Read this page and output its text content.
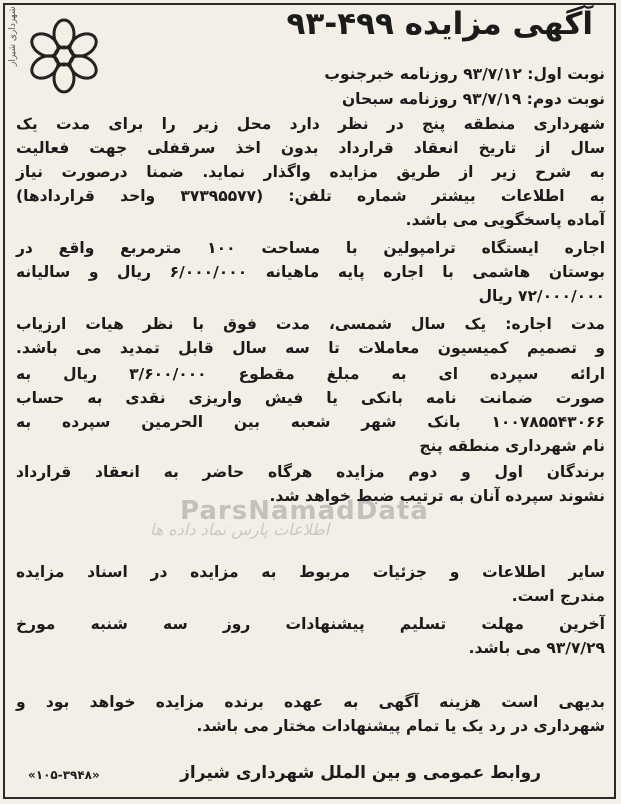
شهرداری شیراز	آگهی مزایده ۴۹۹-۹۳
نوبت اول: ۹۳/۷/۱۲ روزنامه خبرجنوب
نوبت دوم: ۹۳/۷/۱۹ روزنامه سبحان
شهرداری منطقه پنج در نظر دارد محل زیر را برای مدت یک
سال از تاریخ انعقاد قرارداد بدون اخذ سرقفلی جهت فعالیت
به شرح زیر از طریق مزایده واگذار نماید. ضمنا درصورت نیاز
به اطلاعات بیشتر شماره تلفن: (۳۷۳۹۵۵۷۷ واحد قراردادها)
آماده پاسخگویی می باشد.
اجاره ایستگاه ترامپولین با مساحت ۱۰۰ مترمربع واقع در
بوستان هاشمی با اجاره پایه ماهیانه ۶/۰۰۰/۰۰۰ ریال و سالیانه
۷۲/۰۰۰/۰۰۰ ریال
مدت اجاره: یک سال شمسی، مدت فوق با نظر هیات ارزیاب
و تصمیم کمیسیون معاملات تا سه سال قابل تمدید می باشد.
ارائه سپرده ای به مبلغ مقطوع ۳/۶۰۰/۰۰۰ ریال به
صورت ضمانت نامه بانکی یا فیش واریزی نقدی به حساب
۱۰۰۷۸۵۵۴۳۰۶۶ بانک شهر شعبه بین الحرمین سپرده به
نام شهرداری منطقه پنج
ParsNamadData
اطلاعات پارس نماد داده ها
برندگان اول و دوم مزایده هرگاه حاضر به انعقاد قرارداد
نشوند سپرده آنان به ترتیب ضبط خواهد شد.
سایر اطلاعات و جزئیات مربوط به مزایده در اسناد مزایده
مندرج است.
آخرین مهلت تسلیم پیشنهادات روز سه شنبه مورخ
۹۳/۷/۲۹ می باشد.
بدیهی است هزینه آگهی به عهده برنده مزایده خواهد بود و
شهرداری در رد یک یا تمام پیشنهادات مختار می باشد.
روابط عمومی و بین الملل شهرداری شیراز
«۱۰۵-۳۹۴۸»
